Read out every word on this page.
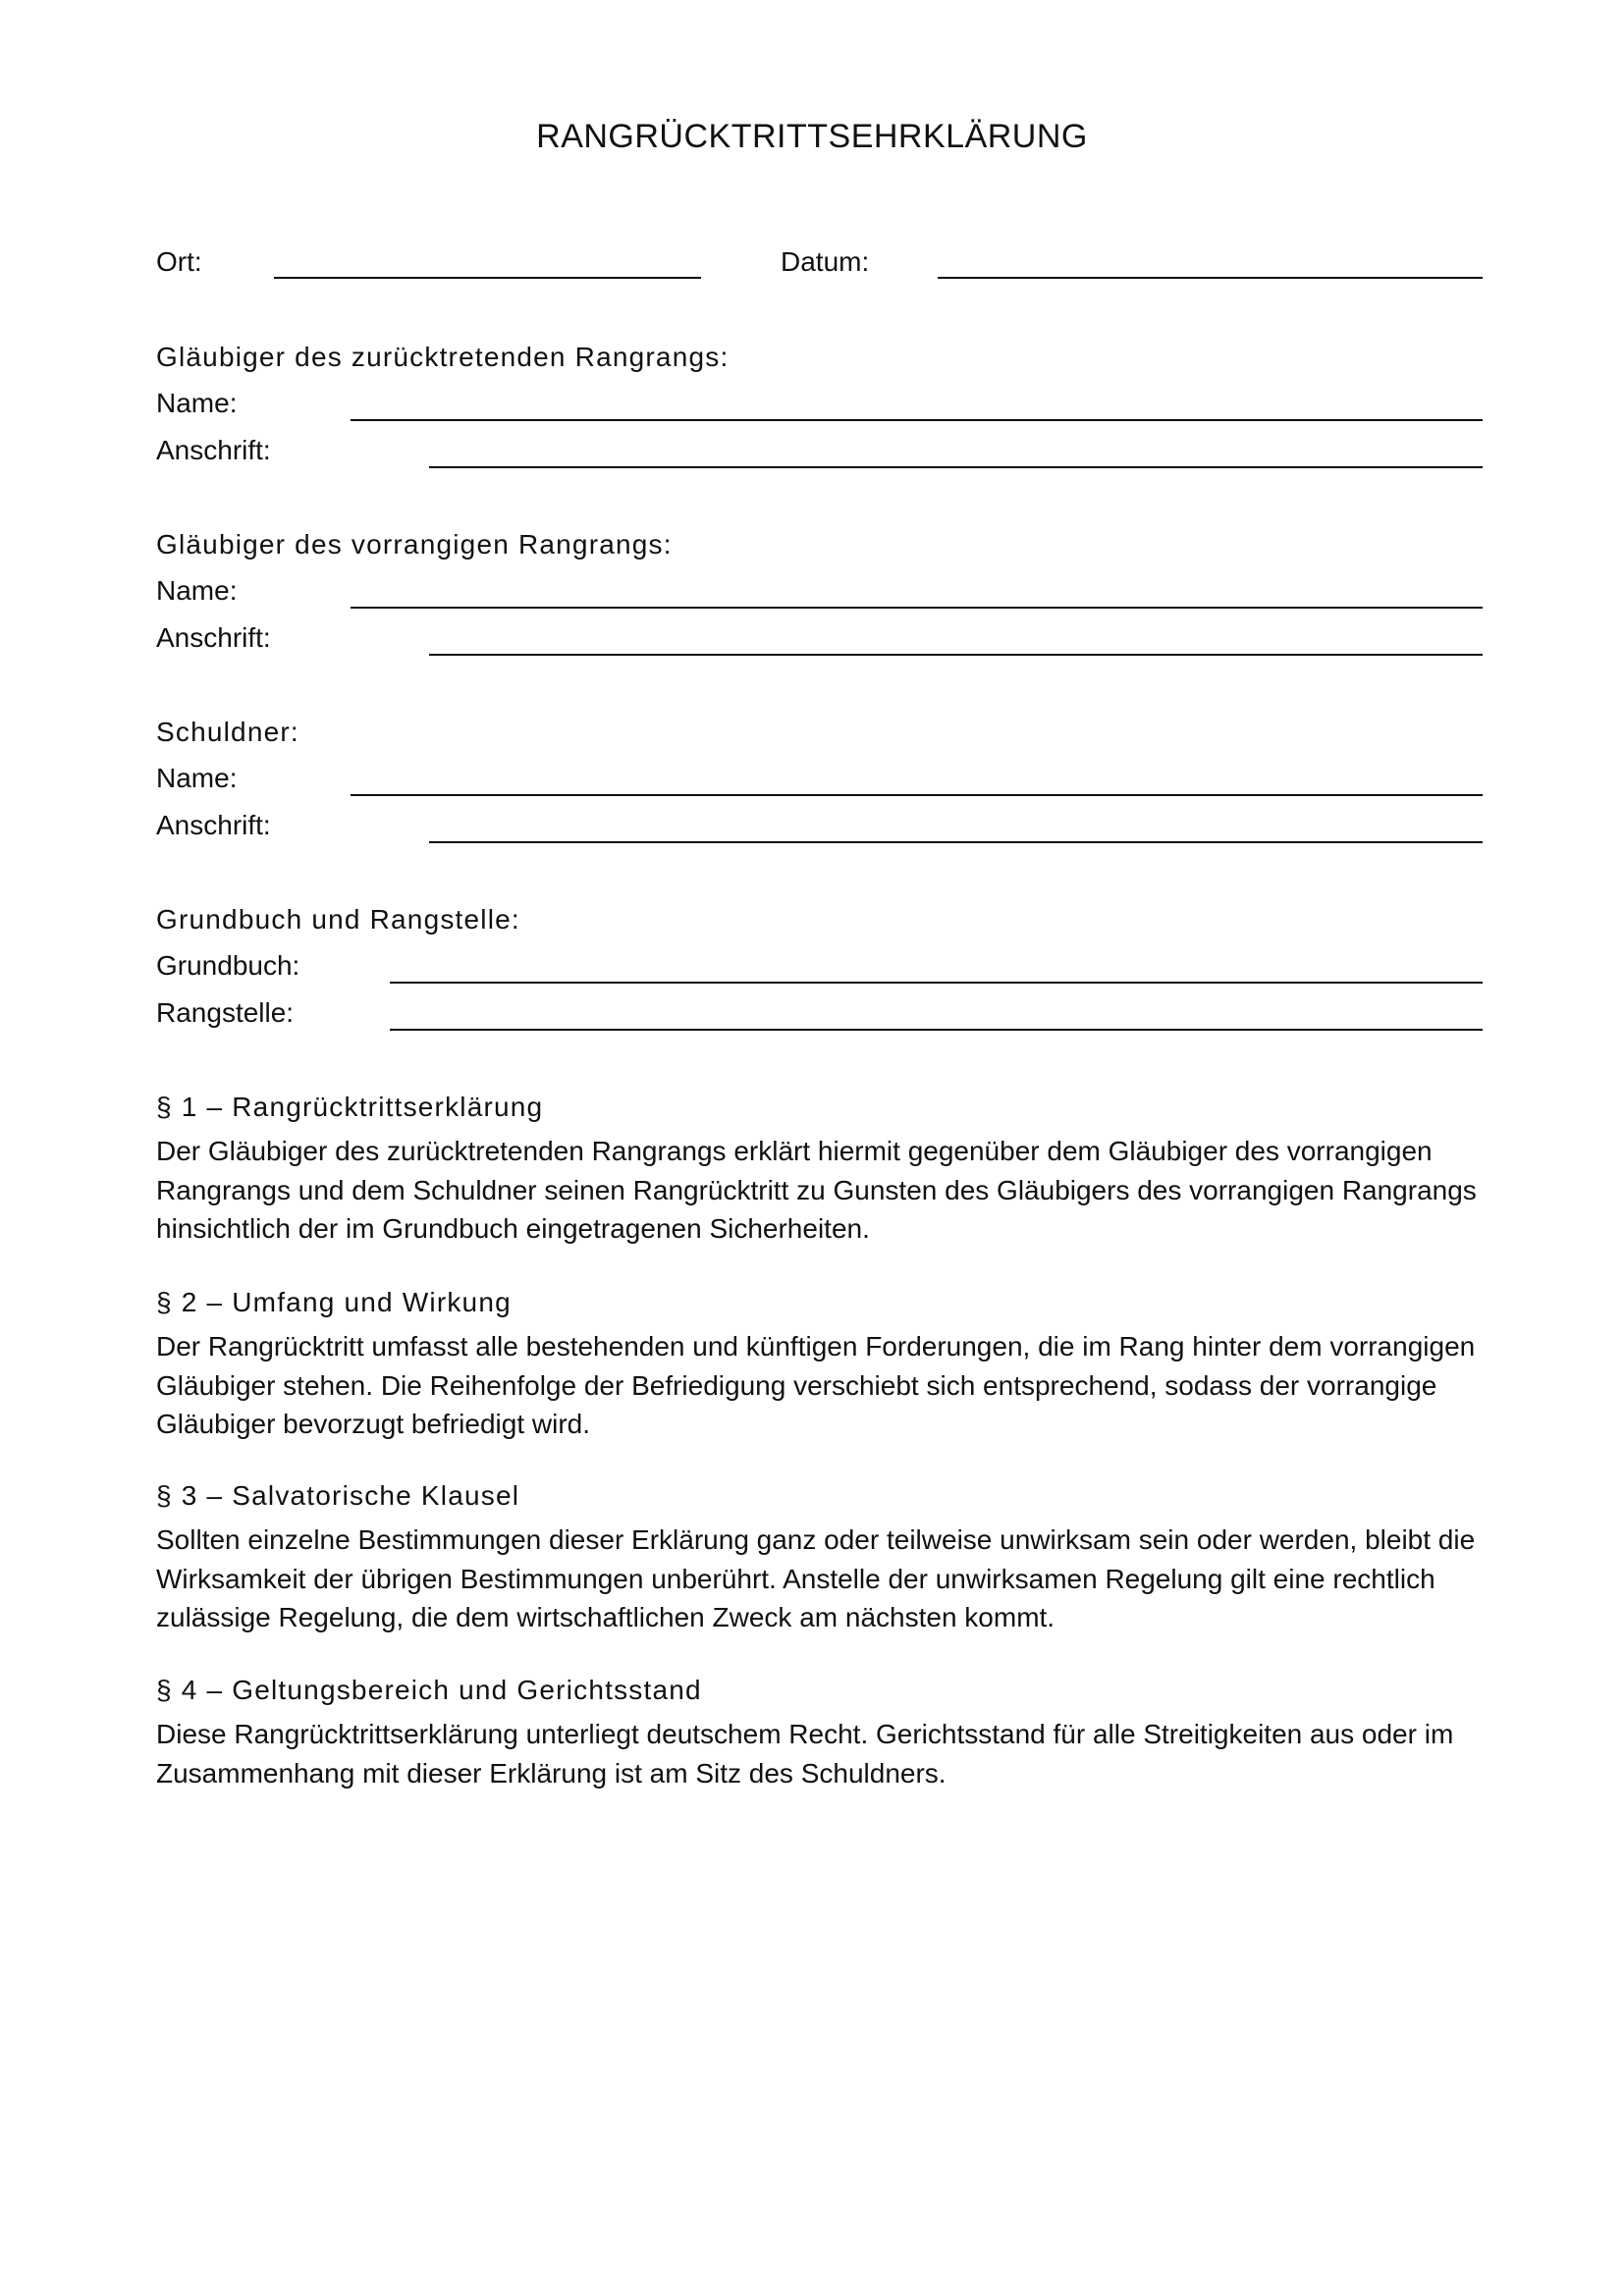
RANGRÜCKTRITTSEHRKLÄRUNG
Ort:	Datum:
Gläubiger des zurücktretenden Rangrangs:
Name:
Anschrift:
Gläubiger des vorrangigen Rangrangs:
Name:
Anschrift:
Schuldner:
Name:
Anschrift:
Grundbuch und Rangstelle:
Grundbuch:
Rangstelle:
§ 1 – Rangrücktrittserklärung

Der Gläubiger des zurücktretenden Rangrangs erklärt hiermit gegenüber dem Gläubiger des vorrangigen Rangrangs und dem Schuldner seinen Rangrücktritt zu Gunsten des Gläubigers des vorrangigen Rangrangs hinsichtlich der im Grundbuch eingetragenen Sicherheiten.

§ 2 – Umfang und Wirkung

Der Rangrücktritt umfasst alle bestehenden und künftigen Forderungen, die im Rang hinter dem vorrangigen Gläubiger stehen. Die Reihenfolge der Befriedigung verschiebt sich entsprechend, sodass der vorrangige Gläubiger bevorzugt befriedigt wird.

§ 3 – Salvatorische Klausel

Sollten einzelne Bestimmungen dieser Erklärung ganz oder teilweise unwirksam sein oder werden, bleibt die Wirksamkeit der übrigen Bestimmungen unberührt. Anstelle der unwirksamen Regelung gilt eine rechtlich zulässige Regelung, die dem wirtschaftlichen Zweck am nächsten kommt.

§ 4 – Geltungsbereich und Gerichtsstand

Diese Rangrücktrittserklärung unterliegt deutschem Recht. Gerichtsstand für alle Streitigkeiten aus oder im Zusammenhang mit dieser Erklärung ist am Sitz des Schuldners.
